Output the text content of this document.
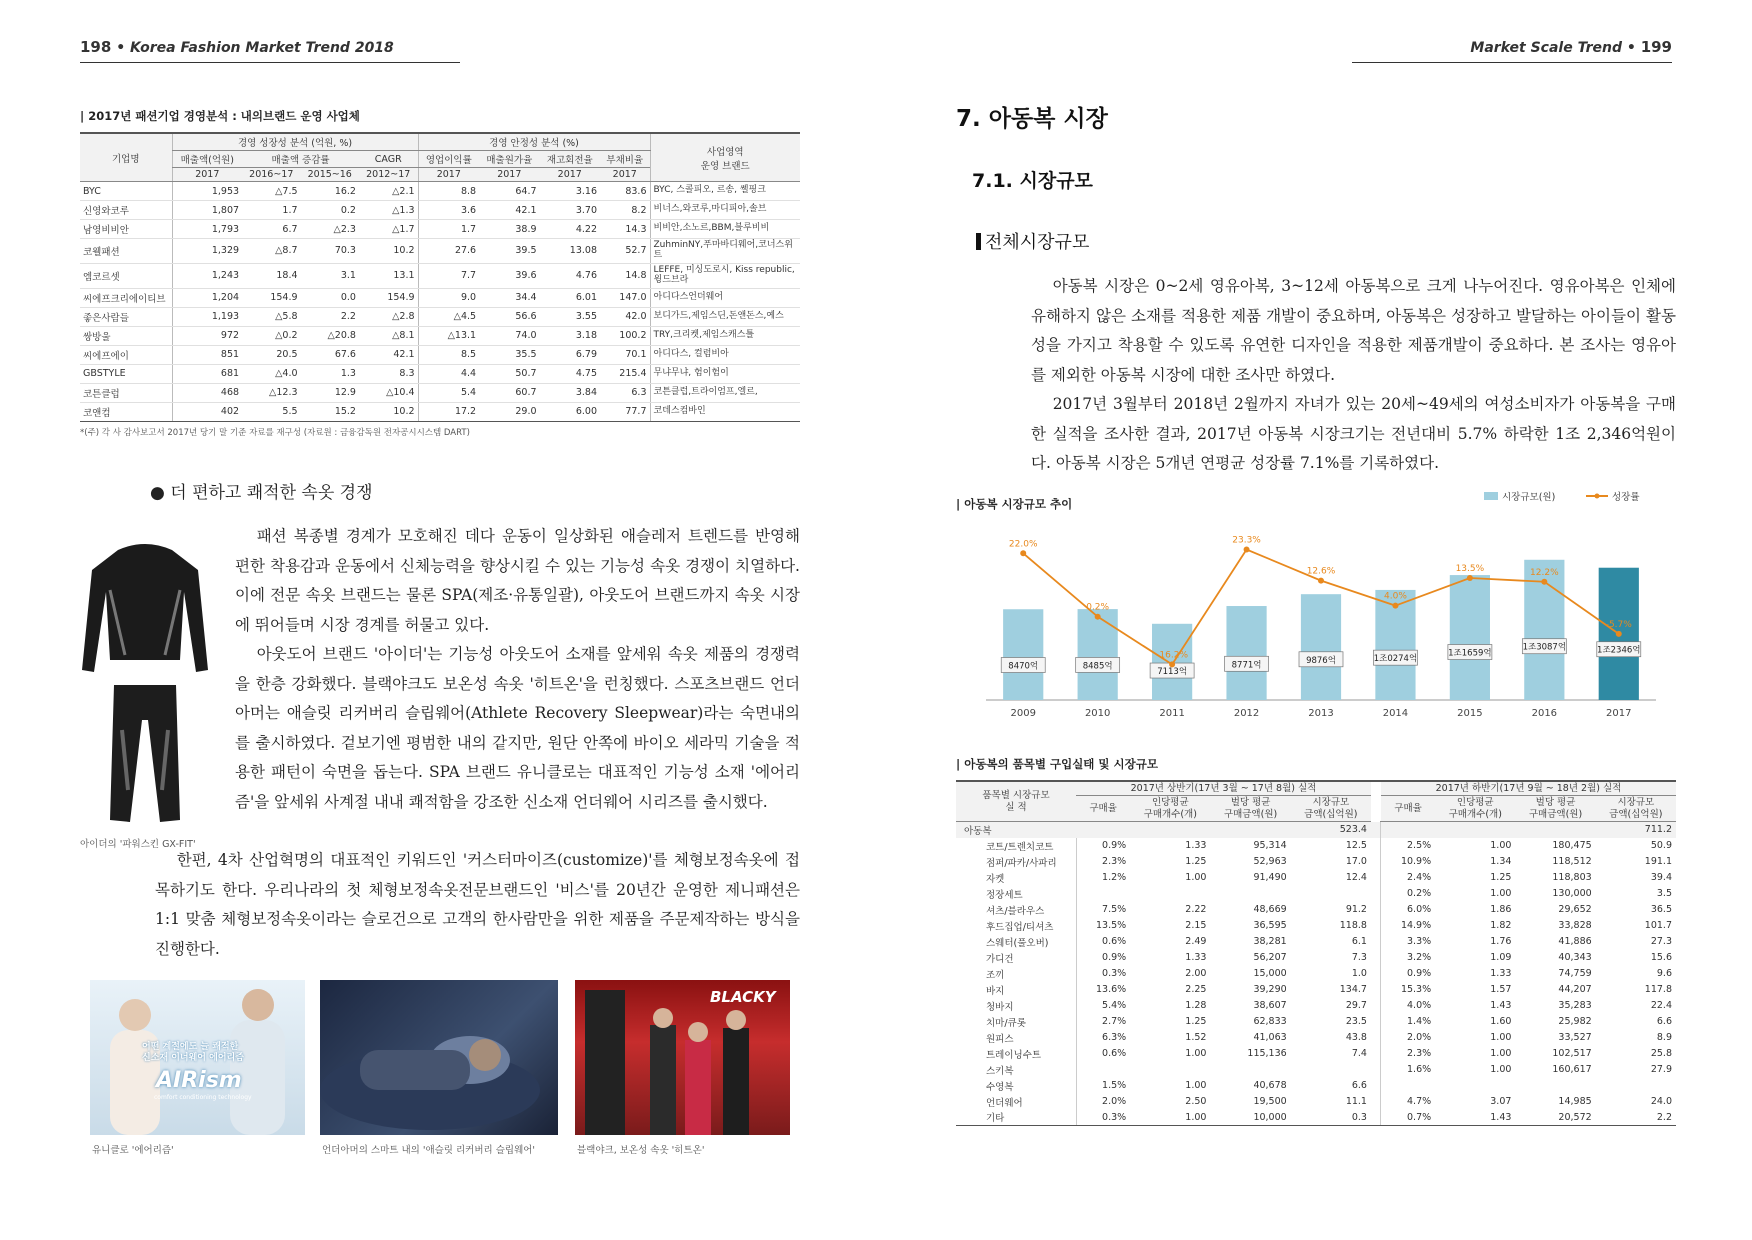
198 • Korea Fashion Market Trend 2018
| 2017년 패션기업 경영분석 : 내의브랜드 운영 사업체
기업명	경영 성장성 분석 (억원, %)				경영 안정성 분석 (%)				사업영역
운영 브랜드
	매출액(억원)	매출액 증감률		CAGR	영업이익률	매출원가율	재고회전율	부채비율	
	2017	2016~17	2015~16	2012~17	2017	2017	2017	2017	
BYC	1,953	△7.5	16.2	△2.1	8.8	64.7	3.16	83.6	BYC, 스콜피오, 르송, 쎌핑크
신영와코루	1,807	1.7	0.2	△1.3	3.6	42.1	3.70	8.2	비너스,와코루,마디피아,솔브
남영비비안	1,793	6.7	△2.3	△1.7	1.7	38.9	4.22	14.3	비비안,소노르,BBM,블루비비
코웰패션	1,329	△8.7	70.3	10.2	27.6	39.5	13.08	52.7	ZuhminNY,푸마바디웨어,코너스위트
엠코르셋	1,243	18.4	3.1	13.1	7.7	39.6	4.76	14.8	LEFFE, 미싱도로시, Kiss republic, 윙드브라
씨에프크리에이티브	1,204	154.9	0.0	154.9	9.0	34.4	6.01	147.0	아디다스언더웨어
좋은사람들	1,193	△5.8	2.2	△2.8	△4.5	56.6	3.55	42.0	보디가드,제임스딘,돈앤돈스,예스
쌍방울	972	△0.2	△20.8	△8.1	△13.1	74.0	3.18	100.2	TRY,크리켓,제임스캐스틀
씨에프에이	851	20.5	67.6	42.1	8.5	35.5	6.79	70.1	아디다스, 컬럼비아
GBSTYLE	681	△4.0	1.3	8.3	4.4	50.7	4.75	215.4	무냐무냐, 험이험이
코튼클럽	468	△12.3	12.9	△10.4	5.4	60.7	3.84	6.3	코튼클럽,트라이엄프,엘르,
코앤컴	402	5.5	15.2	10.2	17.2	29.0	6.00	77.7	코데스컴바인
*(주) 각 사 감사보고서 2017년 당기 말 기준 자료를 재구성 (자료원 : 금융감독원 전자공시시스템 DART)
● 더 편하고 쾌적한 속옷 경쟁
아이더의 '파워스킨 GX-FIT'

패션 복종별 경계가 모호해진 데다 운동이 일상화된 애슬레저 트렌드를 반영해 편한 착용감과 운동에서 신체능력을 향상시킬 수 있는 기능성 속옷 경쟁이 치열하다. 이에 전문 속옷 브랜드는 물론 SPA(제조·유통일괄), 아웃도어 브랜드까지 속옷 시장에 뛰어들며 시장 경계를 허물고 있다.

아웃도어 브랜드 '아이더'는 기능성 아웃도어 소재를 앞세워 속옷 제품의 경쟁력을 한층 강화했다. 블랙야크도 보온성 속옷 '히트온'을 런칭했다. 스포츠브랜드 언더아머는 애슬릿 리커버리 슬립웨어(Athlete Recovery Sleepwear)라는 숙면내의를 출시하였다. 겉보기엔 평범한 내의 같지만, 원단 안쪽에 바이오 세라믹 기술을 적용한 패턴이 숙면을 돕는다. SPA 브랜드 유니클로는 대표적인 기능성 소재 '에어리즘'을 앞세워 사계절 내내 쾌적함을 강조한 신소재 언더웨어 시리즈를 출시했다.

한편, 4차 산업혁명의 대표적인 키워드인 '커스터마이즈(customize)'를 체형보정속옷에 접목하기도 한다. 우리나라의 첫 체형보정속옷전문브랜드인 '비스'를 20년간 운영한 제니패션은 1:1 맞춤 체형보정속옷이라는 슬로건으로 고객의 한사람만을 위한 제품을 주문제작하는 방식을 진행한다.

어떤 계절에도 늘 쾌적한
신소재 이너웨어 에어리즘
AIRism
comfort conditioning technology
유니클로 '에어리즘'	언더아머의 스마트 내의 '애슬릿 리커버리 슬립웨어'
BLACKY
블랙야크, 보온성 속옷 '히트온'
Market Scale Trend • 199
7. 아동복 시장
7.1. 시장규모
전체시장규모

아동복 시장은 0~2세 영유아복, 3~12세 아동복으로 크게 나누어진다. 영유아복은 인체에 유해하지 않은 소재를 적용한 제품 개발이 중요하며, 아동복은 성장하고 발달하는 아이들이 활동성을 가지고 착용할 수 있도록 유연한 디자인을 적용한 제품개발이 중요하다. 본 조사는 영유아를 제외한 아동복 시장에 대한 조사만 하였다.

2017년 3월부터 2018년 2월까지 자녀가 있는 20세~49세의 여성소비자가 아동복을 구매한 실적을 조사한 결과, 2017년 아동복 시장크기는 전년대비 5.7% 하락한 1조 2,346억원이다. 아동복 시장은 5개년 연평균 성장률 7.1%를 기록하였다.

| 아동복 시장규모 추이	시장규모(원)	성장률
8470억
2009
8485억
2010
7113억
2011
8771억
2012
9876억
2013
1조0274억
2014
1조1659억
2015
1조3087억
2016
1조2346억
2017
22.0%
0.2%
-16.2%
23.3%
12.6%
4.0%
13.5%	12.2%
-5.7%
| 아동복의 품목별 구입실태 및 시장규모
품목별 시장규모
실 적	2017년 상반기(17년 3월 ~ 17년 8월) 실적					2017년 하반기(17년 9월 ~ 18년 2월) 실적			
	구매율	인당평균
구매개수(개)	벌당 평균
구매금액(원)	시장규모
금액(십억원)		구매율	인당평균
구매개수(개)	벌당 평균
구매금액(원)	시장규모
금액(십억원)
아동복				523.4					711.2
코트/트렌치코트	0.9%	1.33	95,314	12.5		2.5%	1.00	180,475	50.9
점퍼/파카/사파리	2.3%	1.25	52,963	17.0		10.9%	1.34	118,512	191.1
자켓	1.2%	1.00	91,490	12.4		2.4%	1.25	118,803	39.4
정장세트						0.2%	1.00	130,000	3.5
셔츠/블라우스	7.5%	2.22	48,669	91.2		6.0%	1.86	29,652	36.5
후드집업/티셔츠	13.5%	2.15	36,595	118.8		14.9%	1.82	33,828	101.7
스웨터(풀오버)	0.6%	2.49	38,281	6.1		3.3%	1.76	41,886	27.3
가디건	0.9%	1.33	56,207	7.3		3.2%	1.09	40,343	15.6
조끼	0.3%	2.00	15,000	1.0		0.9%	1.33	74,759	9.6
바지	13.6%	2.25	39,290	134.7		15.3%	1.57	44,207	117.8
청바지	5.4%	1.28	38,607	29.7		4.0%	1.43	35,283	22.4
치마/큐롯	2.7%	1.25	62,833	23.5		1.4%	1.60	25,982	6.6
원피스	6.3%	1.52	41,063	43.8		2.0%	1.00	33,527	8.9
트레이닝수트	0.6%	1.00	115,136	7.4		2.3%	1.00	102,517	25.8
스키복						1.6%	1.00	160,617	27.9
수영복	1.5%	1.00	40,678	6.6					
언더웨어	2.0%	2.50	19,500	11.1		4.7%	3.07	14,985	24.0
기타	0.3%	1.00	10,000	0.3		0.7%	1.43	20,572	2.2
